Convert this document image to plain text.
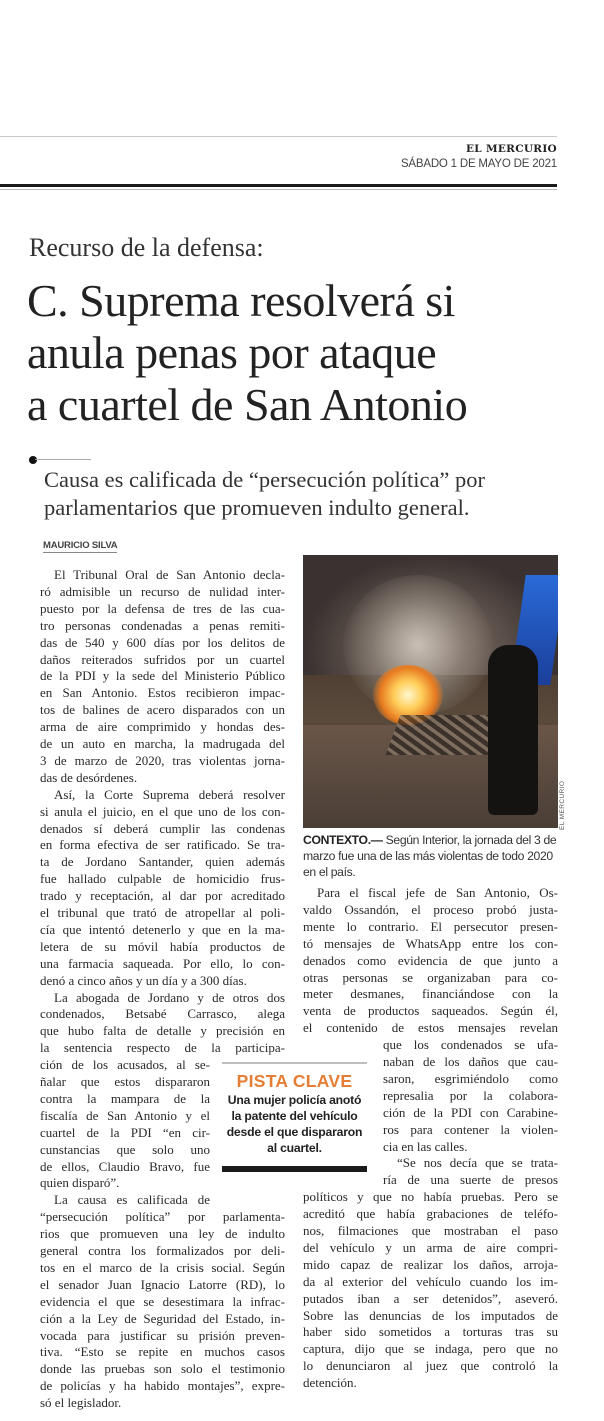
EL MERCURIO
SÁBADO 1 DE MAYO DE 2021
Recurso de la defensa:
C. Suprema resolverá si
anula penas por ataque
a cuartel de San Antonio
Causa es calificada de “persecución política” por
parlamentarios que promueven indulto general.
MAURICIO SILVA
El Tribunal Oral de San Antonio decla-
ró admisible un recurso de nulidad inter-
puesto por la defensa de tres de las cua-
tro personas condenadas a penas remiti-
das de 540 y 600 días por los delitos de
daños reiterados sufridos por un cuartel
de la PDI y la sede del Ministerio Público
en San Antonio. Estos recibieron impac-
tos de balines de acero disparados con un
arma de aire comprimido y hondas des-
de un auto en marcha, la madrugada del
3 de marzo de 2020, tras violentas jorna-
das de desórdenes.
Así, la Corte Suprema deberá resolver
si anula el juicio, en el que uno de los con-
denados sí deberá cumplir las condenas
en forma efectiva de ser ratificado. Se tra-
ta de Jordano Santander, quien además
fue hallado culpable de homicidio frus-
trado y receptación, al dar por acreditado
el tribunal que trató de atropellar al poli-
cía que intentó detenerlo y que en la ma-
letera de su móvil había productos de
una farmacia saqueada. Por ello, lo con-
denó a cinco años y un día y a 300 días.
La abogada de Jordano y de otros dos
condenados, Betsabé Carrasco, alega
que hubo falta de detalle y precisión en
la sentencia respecto de la participa-
ción de los acusados, al se-
ñalar que estos dispararon
contra la mampara de la
fiscalía de San Antonio y el
cuartel de la PDI “en cir-
cunstancias que solo uno
de ellos, Claudio Bravo, fue
quien disparó”.
La causa es calificada de
“persecución política” por parlamenta-
rios que promueven una ley de indulto
general contra los formalizados por deli-
tos en el marco de la crisis social. Según
el senador Juan Ignacio Latorre (RD), lo
evidencia el que se desestimara la infrac-
ción a la Ley de Seguridad del Estado, in-
vocada para justificar su prisión preven-
tiva. “Esto se repite en muchos casos
donde las pruebas son solo el testimonio
de policías y ha habido montajes”, expre-
só el legislador.
Para el fiscal jefe de San Antonio, Os-
valdo Ossandón, el proceso probó justa-
mente lo contrario. El persecutor presen-
tó mensajes de WhatsApp entre los con-
denados como evidencia de que junto a
otras personas se organizaban para co-
meter desmanes, financiándose con la
venta de productos saqueados. Según él,
el contenido de estos mensajes revelan
que los condenados se ufa-
naban de los daños que cau-
saron, esgrimiéndolo como
represalia por la colabora-
ción de la PDI con Carabine-
ros para contener la violen-
cia en las calles.
“Se nos decía que se trata-
ría de una suerte de presos
políticos y que no había pruebas. Pero se
acreditó que había grabaciones de teléfo-
nos, filmaciones que mostraban el paso
del vehículo y un arma de aire compri-
mido capaz de realizar los daños, arroja-
da al exterior del vehículo cuando los im-
putados iban a ser detenidos”, aseveró.
Sobre las denuncias de los imputados de
haber sido sometidos a torturas tras su
captura, dijo que se indaga, pero que no
lo denunciaron al juez que controló la
detención.
EL MERCURIO
CONTEXTO.— Según Interior, la jornada del 3 de marzo fue una de las más violentas de todo 2020 en el país.
PISTA CLAVE
Una mujer policía anotó la patente del vehículo desde el que dispararon al cuartel.
